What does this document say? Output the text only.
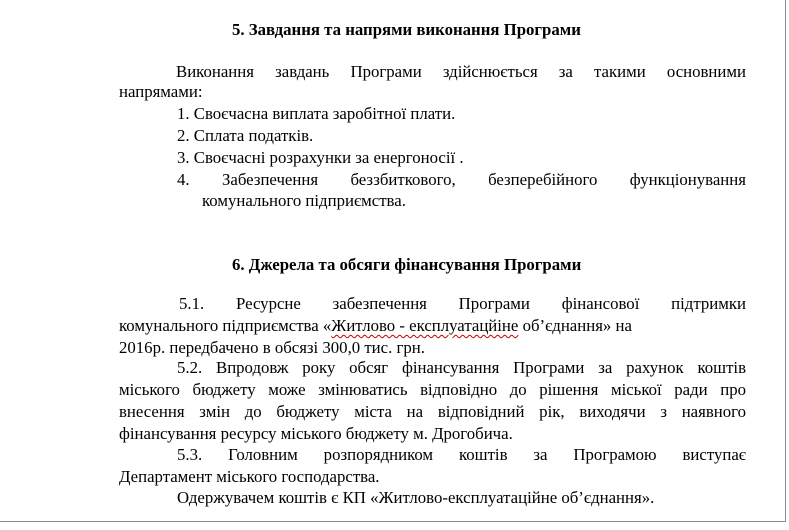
5. Завдання та напрями виконання Програми
Виконання завдань Програми здійснюється за такими основними
напрямами:
1. Своєчасна виплата заробітної плати.
2. Сплата податків.
3. Своєчасні розрахунки за енергоносії .
4. Забезпечення беззбиткового, безперебійного функціонування
комунального підприємства.
6. Джерела та обсяги фінансування Програми
5.1. Ресурсне забезпечення Програми фінансової підтримки
комунального підприємства «Житлово - експлуатацйіне об’єднання» на
2016р. передбачено в обсязі 300,0 тис. грн.
5.2. Впродовж року обсяг фінансування Програми за рахунок коштів
міського бюджету може змінюватись відповідно до рішення міської ради про
внесення змін до бюджету міста на відповідний рік, виходячи з наявного
фінансування ресурсу міського бюджету м. Дрогобича.
5.3. Головним розпорядником коштів за Програмою виступає
Департамент міського господарства.
Одержувачем коштів є КП «Житлово-експлуатаційне об’єднання».
